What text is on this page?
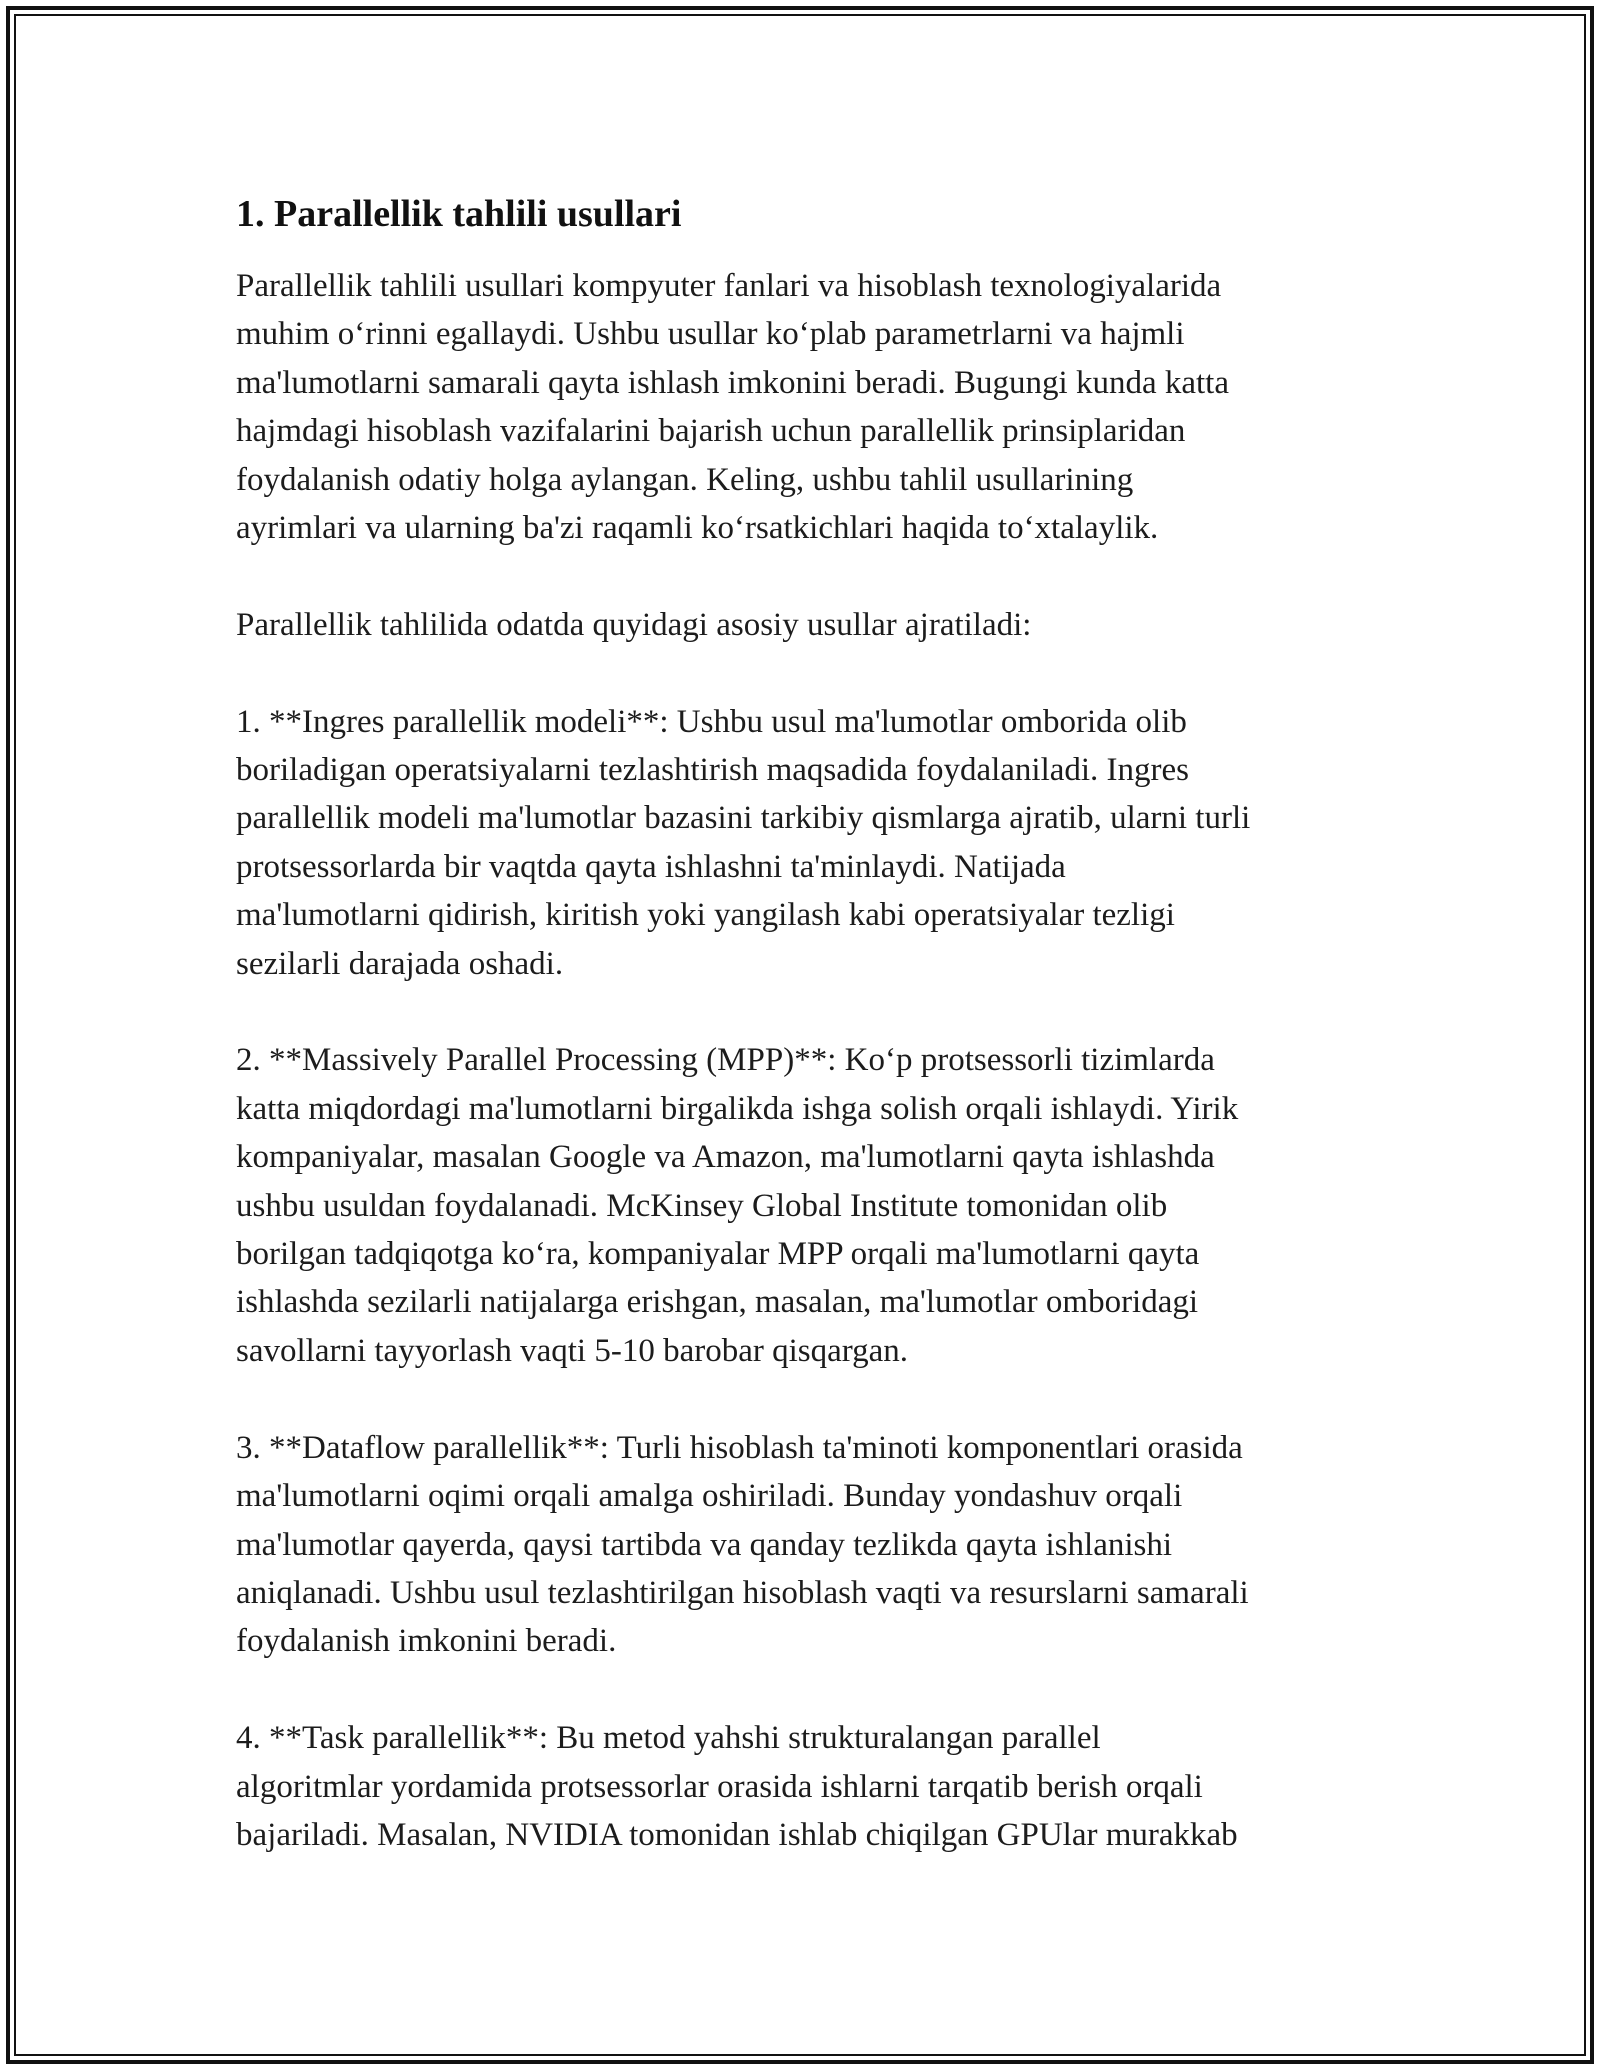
1. Parallellik tahlili usullari

Parallellik tahlili usullari kompyuter fanlari va hisoblash texnologiyalarida
muhim o‘rinni egallaydi. Ushbu usullar ko‘plab parametrlarni va hajmli
ma'lumotlarni samarali qayta ishlash imkonini beradi. Bugungi kunda katta
hajmdagi hisoblash vazifalarini bajarish uchun parallellik prinsiplaridan
foydalanish odatiy holga aylangan. Keling, ushbu tahlil usullarining
ayrimlari va ularning ba'zi raqamli ko‘rsatkichlari haqida to‘xtalaylik.

Parallellik tahlilida odatda quyidagi asosiy usullar ajratiladi:

1. **Ingres parallellik modeli**: Ushbu usul ma'lumotlar omborida olib
boriladigan operatsiyalarni tezlashtirish maqsadida foydalaniladi. Ingres
parallellik modeli ma'lumotlar bazasini tarkibiy qismlarga ajratib, ularni turli
protsessorlarda bir vaqtda qayta ishlashni ta'minlaydi. Natijada
ma'lumotlarni qidirish, kiritish yoki yangilash kabi operatsiyalar tezligi
sezilarli darajada oshadi.

2. **Massively Parallel Processing (MPP)**: Ko‘p protsessorli tizimlarda
katta miqdordagi ma'lumotlarni birgalikda ishga solish orqali ishlaydi. Yirik
kompaniyalar, masalan Google va Amazon, ma'lumotlarni qayta ishlashda
ushbu usuldan foydalanadi. McKinsey Global Institute tomonidan olib
borilgan tadqiqotga ko‘ra, kompaniyalar MPP orqali ma'lumotlarni qayta
ishlashda sezilarli natijalarga erishgan, masalan, ma'lumotlar omboridagi
savollarni tayyorlash vaqti 5-10 barobar qisqargan.

3. **Dataflow parallellik**: Turli hisoblash ta'minoti komponentlari orasida
ma'lumotlarni oqimi orqali amalga oshiriladi. Bunday yondashuv orqali
ma'lumotlar qayerda, qaysi tartibda va qanday tezlikda qayta ishlanishi
aniqlanadi. Ushbu usul tezlashtirilgan hisoblash vaqti va resurslarni samarali
foydalanish imkonini beradi.

4. **Task parallellik**: Bu metod yahshi strukturalangan parallel
algoritmlar yordamida protsessorlar orasida ishlarni tarqatib berish orqali
bajariladi. Masalan, NVIDIA tomonidan ishlab chiqilgan GPUlar murakkab
